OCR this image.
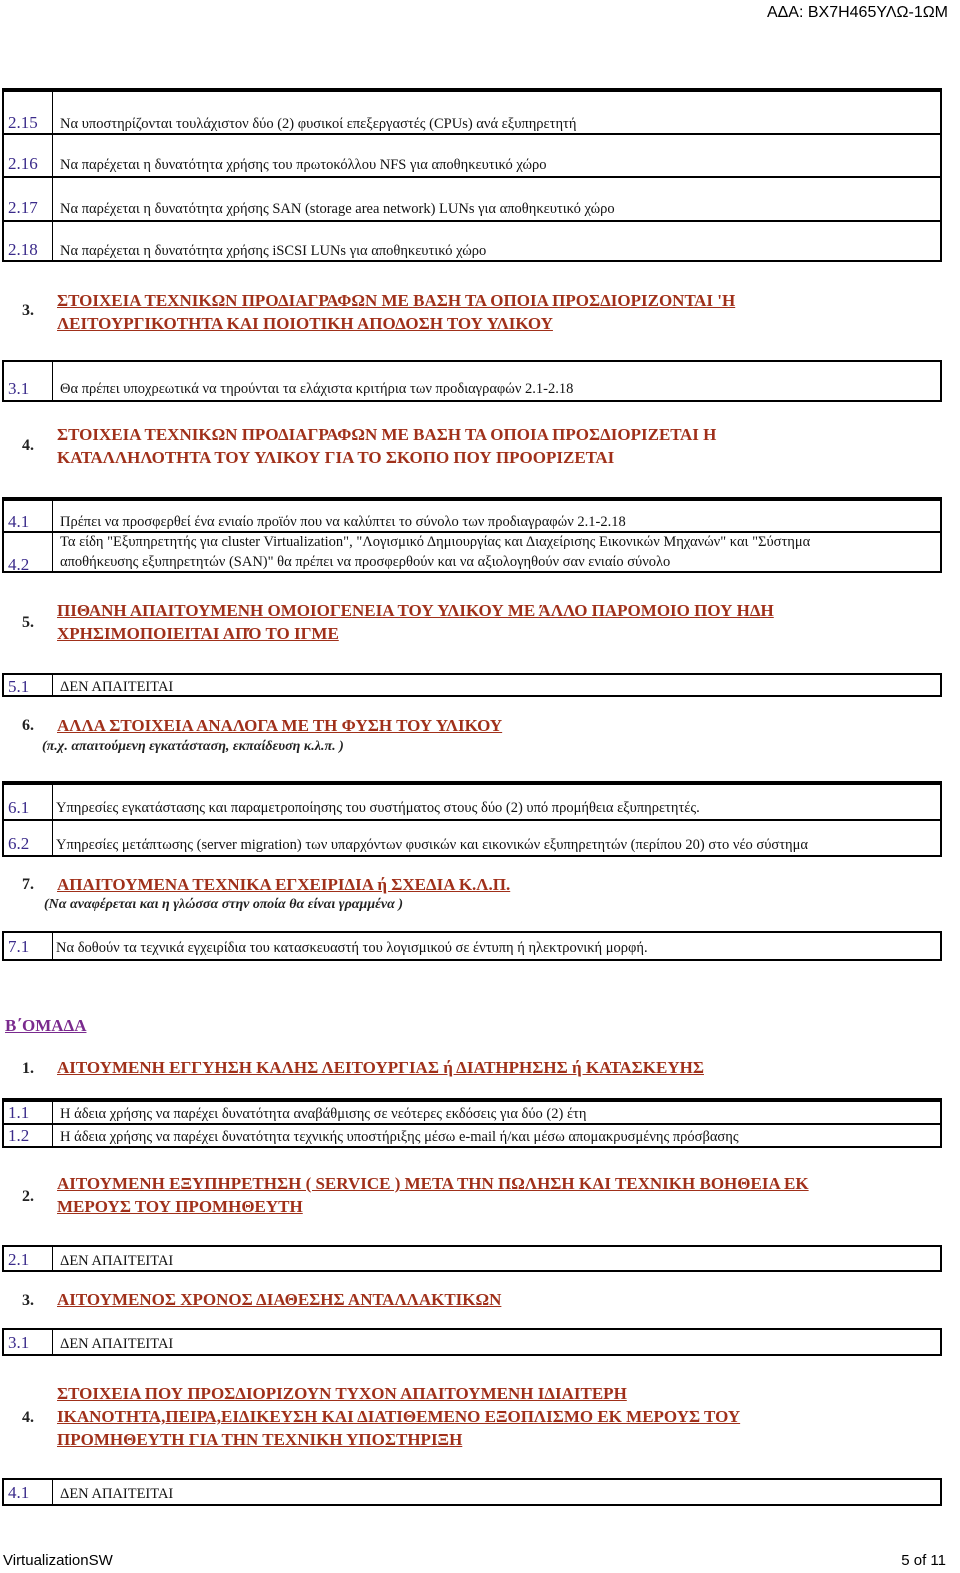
ΑΔΑ: ΒΧ7Η465ΥΛΩ-1ΩΜ
2.15 Να υποστηρίζονται τουλάχιστον δύο (2) φυσικοί επεξεργαστές (CPUs) ανά εξυπηρετητή
2.16 Να παρέχεται η δυνατότητα χρήσης του πρωτοκόλλου NFS για αποθηκευτικό χώρο
2.17 Να παρέχεται η δυνατότητα χρήσης SAN (storage area network) LUNs για αποθηκευτικό χώρο
2.18 Να παρέχεται η δυνατότητα χρήσης iSCSI LUNs για αποθηκευτικό χώρο
3.
ΣΤΟΙΧΕΙΑ ΤΕΧΝΙΚΩΝ ΠΡΟΔΙΑΓΡΑΦΩΝ ΜΕ ΒΑΣΗ ΤΑ ΟΠΟΙΑ ΠΡΟΣΔΙΟΡΙΖΟΝΤΑΙ 'Η
ΛΕΙΤΟΥΡΓΙΚΟΤΗΤΑ ΚΑΙ ΠΟΙΟΤΙΚΗ ΑΠΟΔΟΣΗ ΤΟΥ ΥΛΙΚΟΥ
3.1 Θα πρέπει υποχρεωτικά να τηρούνται τα ελάχιστα κριτήρια των προδιαγραφών 2.1-2.18
4.
ΣΤΟΙΧΕΙΑ ΤΕΧΝΙΚΩΝ ΠΡΟΔΙΑΓΡΑΦΩΝ ΜΕ ΒΑΣΗ ΤΑ ΟΠΟΙΑ ΠΡΟΣΔΙΟΡΙΖΕΤΑΙ Η
ΚΑΤΑΛΛΗΛΟΤΗΤΑ ΤΟΥ ΥΛΙΚΟΥ ΓΙΑ ΤΟ ΣΚΟΠΟ ΠΟΥ ΠΡΟΟΡΙΖΕΤΑΙ
4.1 Πρέπει να προσφερθεί ένα ενιαίο προϊόν που να καλύπτει το σύνολο των προδιαγραφών 2.1-2.18
4.2
Τα είδη "Εξυπηρετητής για cluster Virtualization", "Λογισμικό Δημιουργίας και Διαχείρισης Εικονικών Μηχανών" και "Σύστημα
αποθήκευσης εξυπηρετητών (SAN)" θα πρέπει να προσφερθούν και να αξιολογηθούν σαν ενιαίο σύνολο
5.
ΠΙΘΑΝΗ ΑΠΑΙΤΟΥΜΕΝΗ ΟΜΟΙΟΓΕΝΕΙΑ ΤΟΥ ΥΛΙΚΟΥ ΜΕ ΆΛΛΟ ΠΑΡΟΜΟΙΟ ΠΟΥ ΗΔΗ
ΧΡΗΣΙΜΟΠΟΙΕΙΤΑΙ ΑΠΌ ΤΟ ΙΓΜΕ
5.1 ΔΕΝ ΑΠΑΙΤΕΙΤΑΙ
6. ΑΛΛΑ ΣΤΟΙΧΕΙΑ ΑΝΑΛΟΓΑ ΜΕ ΤΗ ΦΥΣΗ ΤΟΥ ΥΛΙΚΟΥ
(π.χ. απαιτούμενη εγκατάσταση, εκπαίδευση κ.λ.π. )
6.1 Υπηρεσίες εγκατάστασης και παραμετροποίησης του συστήματος στους δύο (2) υπό προμήθεια εξυπηρετητές.
6.2 Υπηρεσίες μετάπτωσης (server migration) των υπαρχόντων φυσικών και εικονικών εξυπηρετητών (περίπου 20) στο νέο σύστημα
7. ΑΠΑΙΤΟΥΜΕΝΑ ΤΕΧΝΙΚΑ ΕΓΧΕΙΡΙΔΙΑ ή ΣΧΕΔΙΑ Κ.Λ.Π.
(Να αναφέρεται και η γλώσσα στην οποία θα είναι γραμμένα )
7.1 Να δοθούν τα τεχνικά εγχειρίδια του κατασκευαστή του λογισμικού σε έντυπη ή ηλεκτρονική μορφή.
Β΄ΟΜΑΔΑ
1. ΑΙΤΟΥΜΕΝΗ ΕΓΓΥΗΣΗ ΚΑΛΗΣ ΛΕΙΤΟΥΡΓΙΑΣ ή ΔΙΑΤΗΡΗΣΗΣ ή ΚΑΤΑΣΚΕΥΗΣ
1.1 Η άδεια χρήσης να παρέχει δυνατότητα αναβάθμισης σε νεότερες εκδόσεις για δύο (2) έτη
1.2 Η άδεια χρήσης να παρέχει δυνατότητα τεχνικής υποστήριξης μέσω e-mail ή/και μέσω απομακρυσμένης πρόσβασης
2.
ΑΙΤΟΥΜΕΝΗ ΕΞΥΠΗΡΕΤΗΣΗ ( SERVICE ) ΜΕΤΑ ΤΗΝ ΠΩΛΗΣΗ ΚΑΙ ΤΕΧΝΙΚΗ ΒΟΗΘΕΙΑ ΕΚ
ΜΕΡΟΥΣ ΤΟΥ ΠΡΟΜΗΘΕΥΤΗ
2.1 ΔΕΝ ΑΠΑΙΤΕΙΤΑΙ
3. ΑΙΤΟΥΜΕΝΟΣ ΧΡΟΝΟΣ ΔΙΑΘΕΣΗΣ ΑΝΤΑΛΛΑΚΤΙΚΩΝ
3.1 ΔΕΝ ΑΠΑΙΤΕΙΤΑΙ
4.
ΣΤΟΙΧΕΙΑ ΠΟΥ ΠΡΟΣΔΙΟΡΙΖΟΥΝ ΤΥΧΟΝ ΑΠΑΙΤΟΥΜΕΝΗ ΙΔΙΑΙΤΕΡΗ
ΙΚΑΝΟΤΗΤΑ,ΠΕΙΡΑ,ΕΙΔΙΚΕΥΣΗ ΚΑΙ ΔΙΑΤΙΘΕΜΕΝΟ ΕΞΟΠΛΙΣΜΟ ΕΚ ΜΕΡΟΥΣ ΤΟΥ
ΠΡΟΜΗΘΕΥΤΗ ΓΙΑ ΤΗΝ ΤΕΧΝΙΚΗ ΥΠΟΣΤΗΡΙΞΗ
4.1 ΔΕΝ ΑΠΑΙΤΕΙΤΑΙ
VirtualizationSW	5 of 11
